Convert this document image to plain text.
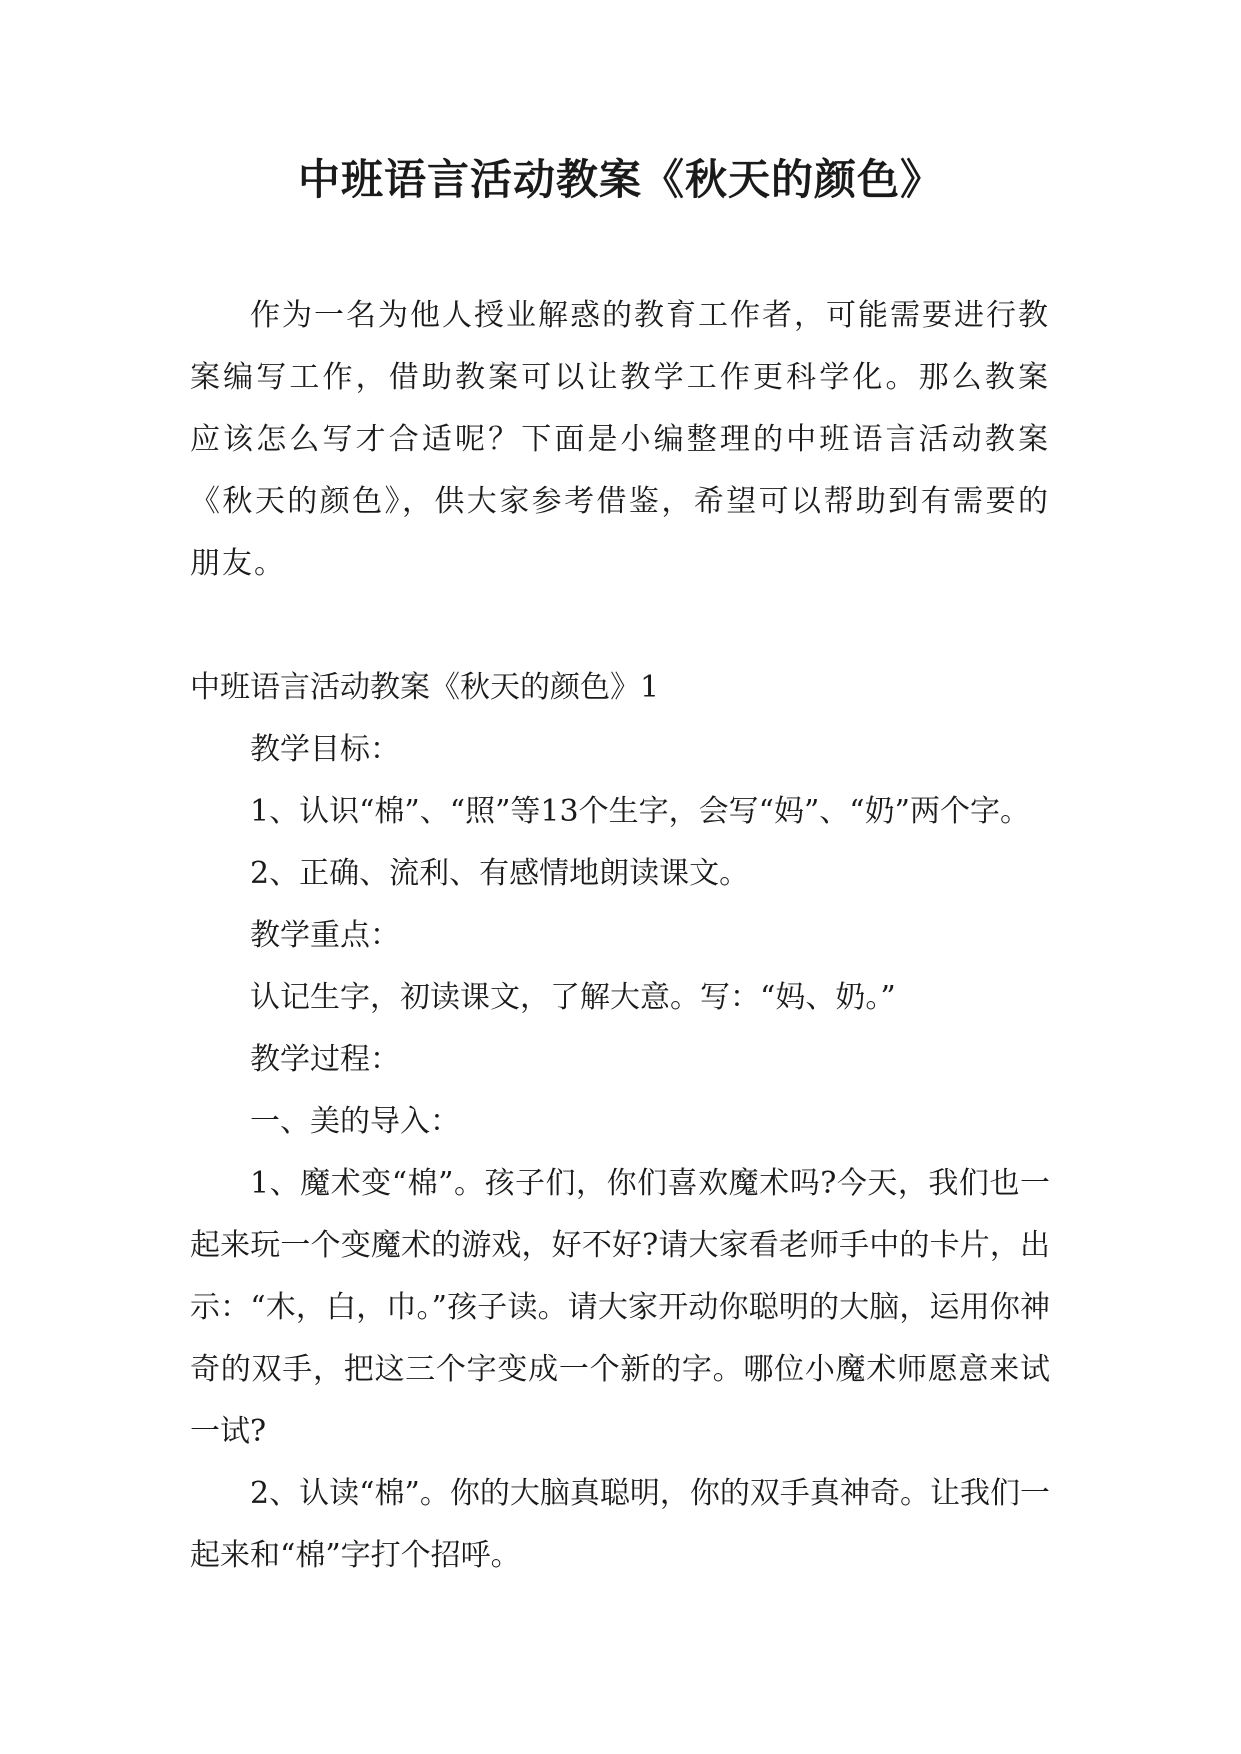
中班语言活动教案《秋天的颜色》

作为一名为他人授业解惑的教育工作者，可能需要进行教案编写工作，借助教案可以让教学工作更科学化。那么教案应该怎么写才合适呢？下面是小编整理的中班语言活动教案《秋天的颜色》，供大家参考借鉴，希望可以帮助到有需要的朋友。

中班语言活动教案《秋天的颜色》1

教学目标：

1、认识“棉”、“照”等13个生字，会写“妈”、“奶”两个字。

2、正确、流利、有感情地朗读课文。

教学重点：

认记生字，初读课文，了解大意。写：“妈、奶。”

教学过程：

一、美的导入：

1、魔术变“棉”。孩子们，你们喜欢魔术吗?今天，我们也一起来玩一个变魔术的游戏，好不好?请大家看老师手中的卡片，出示：“木，白，巾。”孩子读。请大家开动你聪明的大脑，运用你神奇的双手，把这三个字变成一个新的字。哪位小魔术师愿意来试一试?

2、认读“棉”。你的大脑真聪明，你的双手真神奇。让我们一起来和“棉”字打个招呼。
